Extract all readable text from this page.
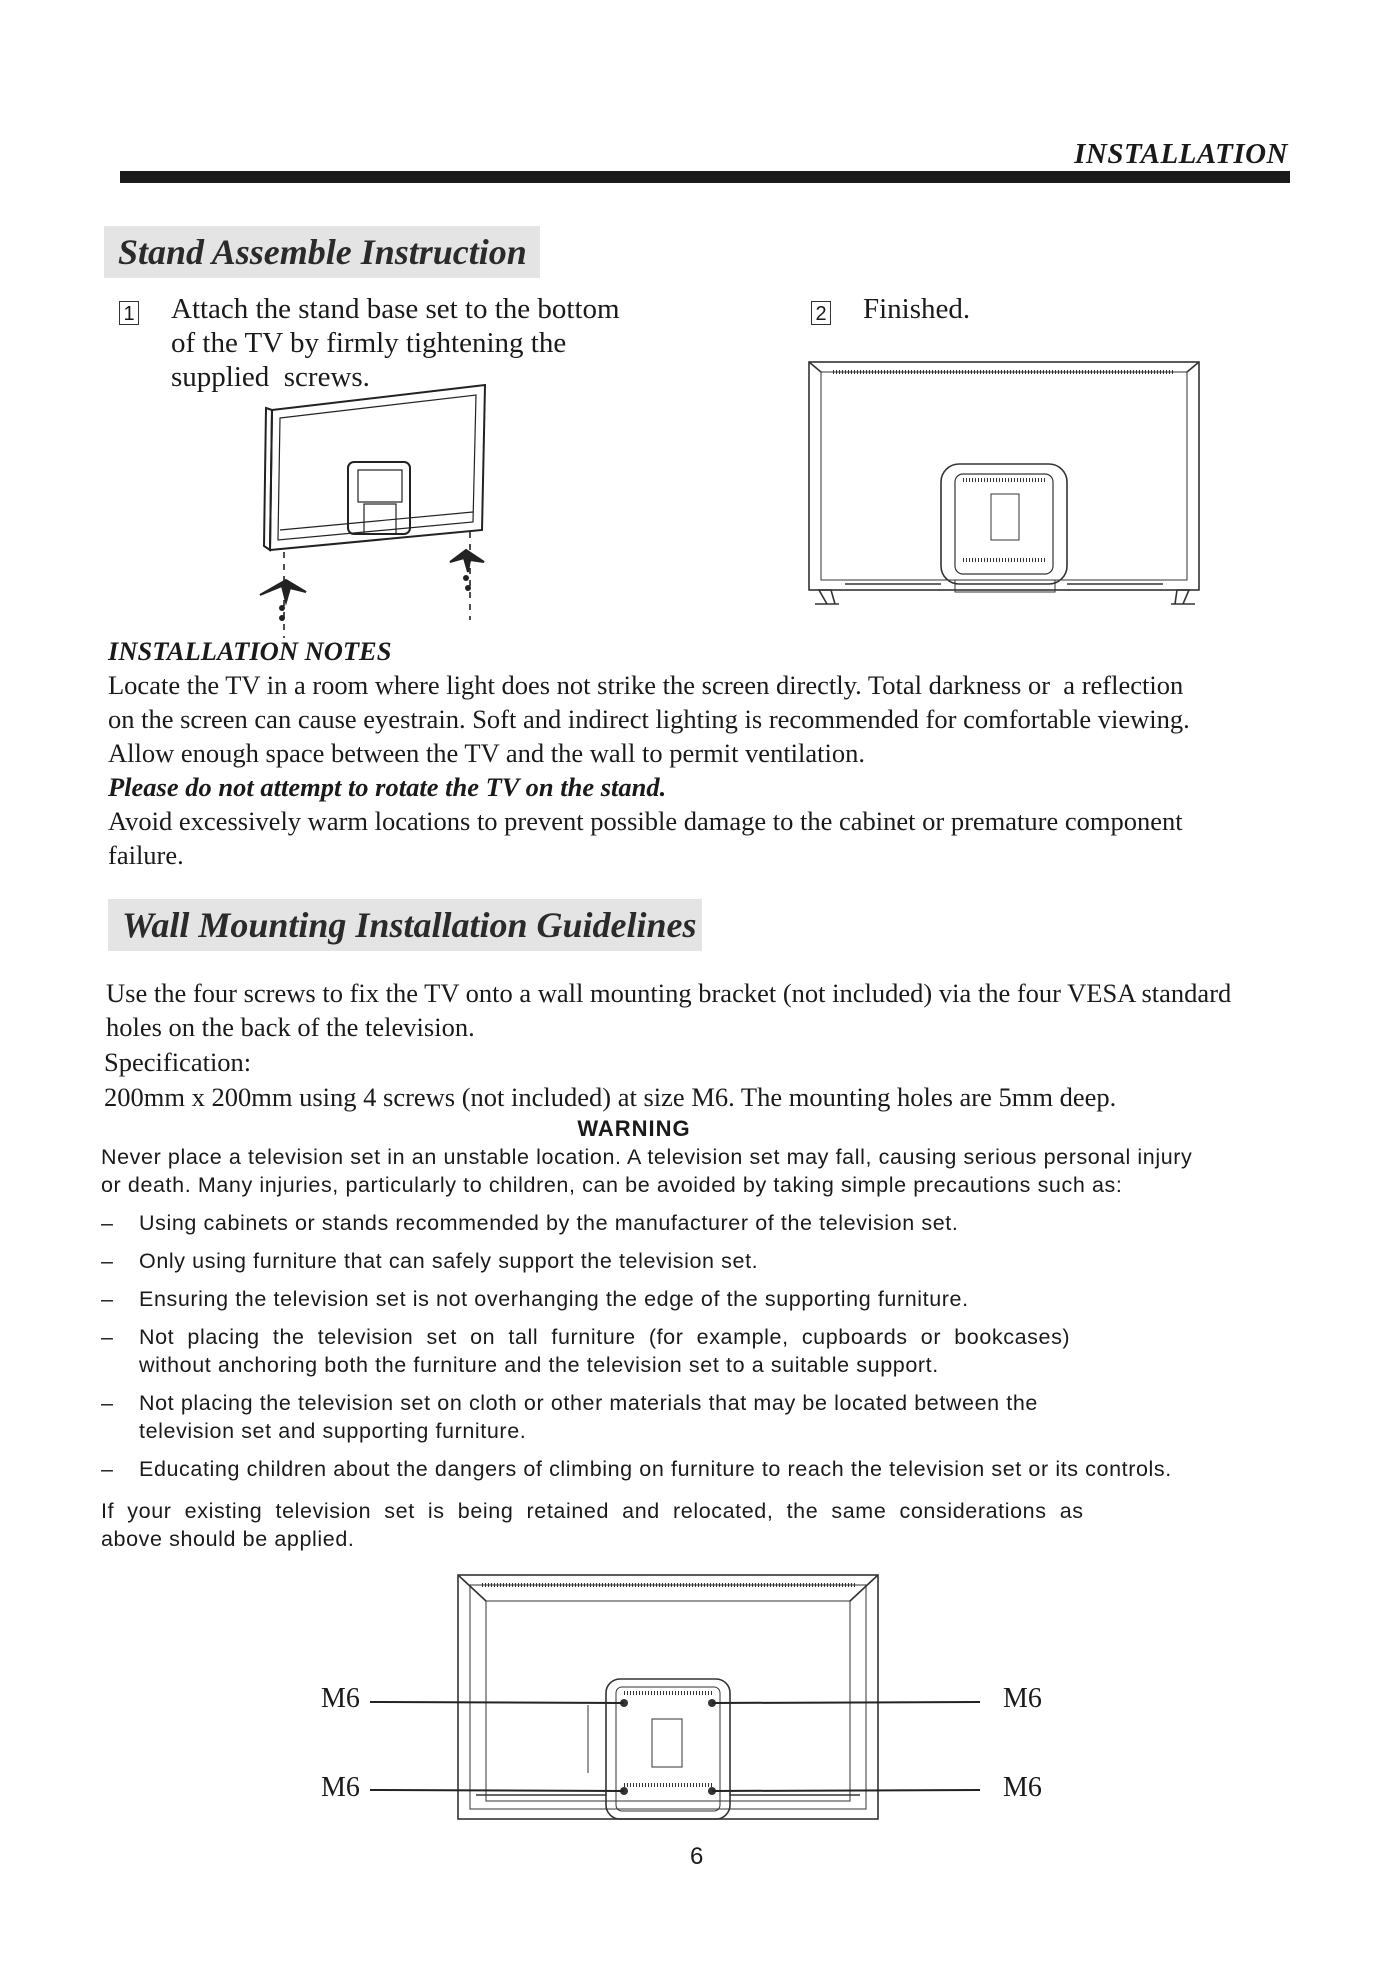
INSTALLATION
Stand Assemble Instruction
1 Attach the stand base set to the bottom
of the TV by firmly tightening the
supplied  screws.
2 Finished.

INSTALLATION NOTES

Locate the TV in a room where light does not strike the screen directly. Total darkness or  a reflection

on the screen can cause eyestrain. Soft and indirect lighting is recommended for comfortable viewing.

Allow enough space between the TV and the wall to permit ventilation.

Please do not attempt to rotate the TV on the stand.

Avoid excessively warm locations to prevent possible damage to the cabinet or premature component

failure.

Wall Mounting Installation Guidelines

Use the four screws to fix the TV onto a wall mounting bracket (not included) via the four VESA standard

holes on the back of the television.

Specification:
200mm x 200mm using 4 screws (not included) at size M6. The mounting holes are 5mm deep.
WARNING
Never place a television set in an unstable location. A television set may fall, causing serious personal injury
or death. Many injuries, particularly to children, can be avoided by taking simple precautions such as:
– Using cabinets or stands recommended by the manufacturer of the television set.
– Only using furniture that can safely support the television set.
– Ensuring the television set is not overhanging the edge of the supporting furniture.
– Not  placing  the  television  set  on  tall  furniture  (for  example,  cupboards  or  bookcases)
without anchoring both the furniture and the television set to a suitable support.
– Not placing the television set on cloth or other materials that may be located between the
television set and supporting furniture.
– Educating children about the dangers of climbing on furniture to reach the television set or its controls.
If  your  existing  television  set  is  being  retained  and  relocated,  the  same  considerations  as
above should be applied.
M6	M6
M6	M6
6
